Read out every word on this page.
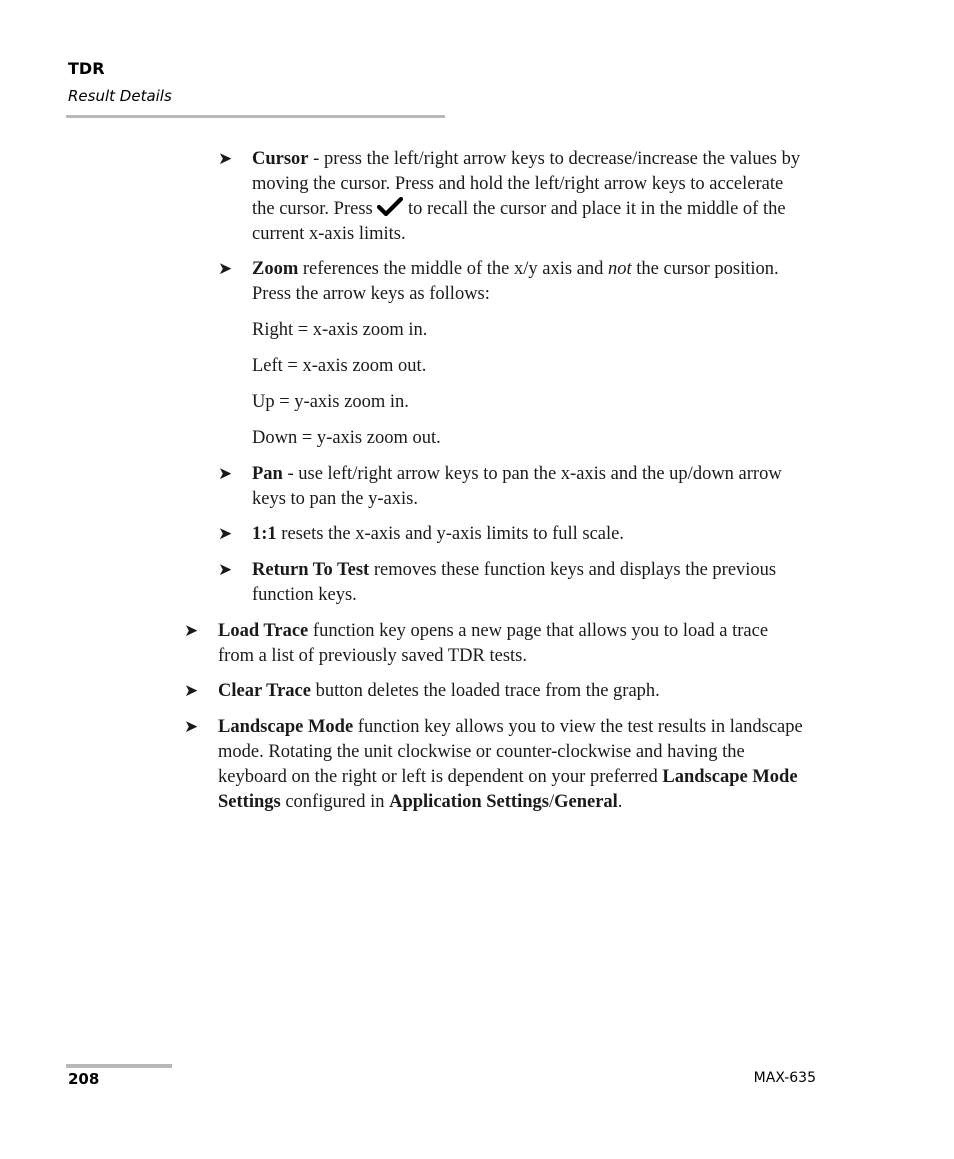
TDR
Result Details
➤	Cursor - press the left/right arrow keys to decrease/increase the values by moving the cursor. Press and hold the left/right arrow keys to accelerate the cursor. Press  to recall the cursor and place it in the middle of the current x-axis limits.

➤	Zoom references the middle of the x/y axis and not the cursor position. Press the arrow keys as follows:

Right = x-axis zoom in.
Left = x-axis zoom out.
Up = y-axis zoom in.
Down = y-axis zoom out.
➤	Pan - use left/right arrow keys to pan the x-axis and the up/down arrow keys to pan the y-axis.

➤	1:1 resets the x-axis and y-axis limits to full scale.

➤	Return To Test removes these function keys and displays the previous function keys.

➤	Load Trace function key opens a new page that allows you to load a trace from a list of previously saved TDR tests.

➤	Clear Trace button deletes the loaded trace from the graph.

➤	Landscape Mode function key allows you to view the test results in landscape mode. Rotating the unit clockwise or counter-clockwise and having the keyboard on the right or left is dependent on your preferred Landscape Mode Settings configured in Application Settings/General.

208	MAX-635
